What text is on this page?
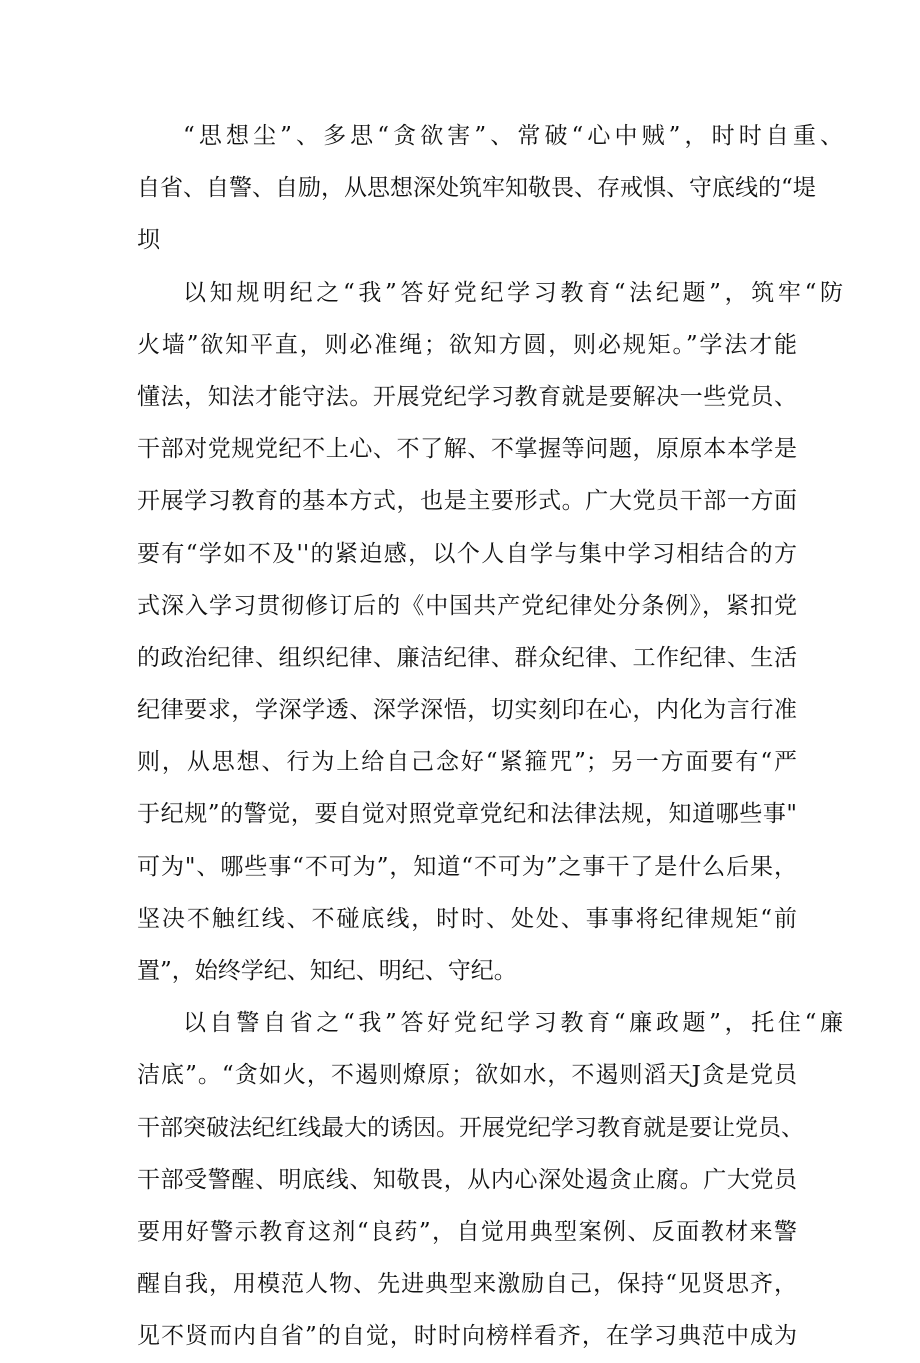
“思想尘”、多思“贪欲害”、常破“心中贼”，时时自重、
自省、自警、自励，从思想深处筑牢知敬畏、存戒惧、守底线的“堤
坝
以知规明纪之“我”答好党纪学习教育“法纪题”，筑牢“防
火墙”欲知平直，则必准绳；欲知方圆，则必规矩。”学法才能
懂法，知法才能守法。开展党纪学习教育就是要解决一些党员、
干部对党规党纪不上心、不了解、不掌握等问题，原原本本学是
开展学习教育的基本方式，也是主要形式。广大党员干部一方面
要有“学如不及''的紧迫感，以个人自学与集中学习相结合的方
式深入学习贯彻修订后的《中国共产党纪律处分条例》，紧扣党
的政治纪律、组织纪律、廉洁纪律、群众纪律、工作纪律、生活
纪律要求，学深学透、深学深悟，切实刻印在心，内化为言行准
则，从思想、行为上给自己念好“紧箍咒”；另一方面要有“严
于纪规”的警觉，要自觉对照党章党纪和法律法规，知道哪些事"
可为"、哪些事“不可为”，知道“不可为”之事干了是什么后果，
坚决不触红线、不碰底线，时时、处处、事事将纪律规矩“前
置”，始终学纪、知纪、明纪、守纪。
以自警自省之“我”答好党纪学习教育“廉政题”，托住“廉
洁底”。“贪如火，不遏则燎原；欲如水，不遏则滔天J贪是党员
干部突破法纪红线最大的诱因。开展党纪学习教育就是要让党员、
干部受警醒、明底线、知敬畏，从内心深处遏贪止腐。广大党员
要用好警示教育这剂“良药”，自觉用典型案例、反面教材来警
醒自我，用模范人物、先进典型来激励自己，保持“见贤思齐，
见不贤而内自省”的自觉，时时向榜样看齐，在学习典范中成为
